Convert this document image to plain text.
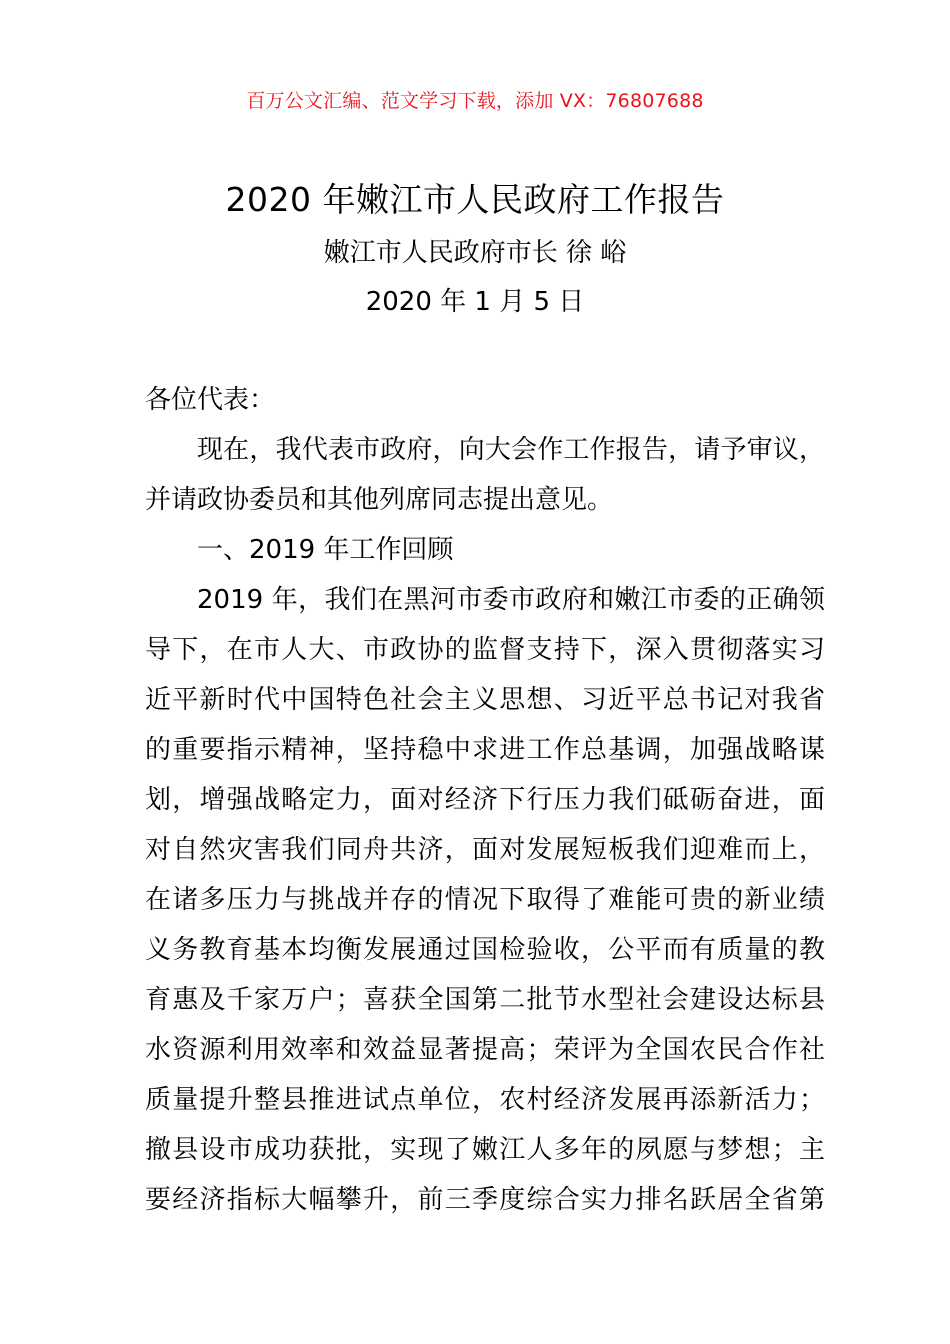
百万公文汇编、范文学习下载，添加 VX：76807688
2020 年嫩江市人民政府工作报告
嫩江市人民政府市长 徐 峪
2020 年 1 月 5 日
各位代表：
现在，我代表市政府，向大会作工作报告，请予审议，
并请政协委员和其他列席同志提出意见。
一、2019 年工作回顾
2019 年，我们在黑河市委市政府和嫩江市委的正确领
导下，在市人大、市政协的监督支持下，深入贯彻落实习
近平新时代中国特色社会主义思想、习近平总书记对我省
的重要指示精神，坚持稳中求进工作总基调，加强战略谋
划，增强战略定力，面对经济下行压力我们砥砺奋进，面
对自然灾害我们同舟共济，面对发展短板我们迎难而上，
在诸多压力与挑战并存的情况下取得了难能可贵的新业绩
义务教育基本均衡发展通过国检验收，公平而有质量的教
育惠及千家万户；喜获全国第二批节水型社会建设达标县
水资源利用效率和效益显著提高；荣评为全国农民合作社
质量提升整县推进试点单位，农村经济发展再添新活力；
撤县设市成功获批，实现了嫩江人多年的夙愿与梦想；主
要经济指标大幅攀升，前三季度综合实力排名跃居全省第
